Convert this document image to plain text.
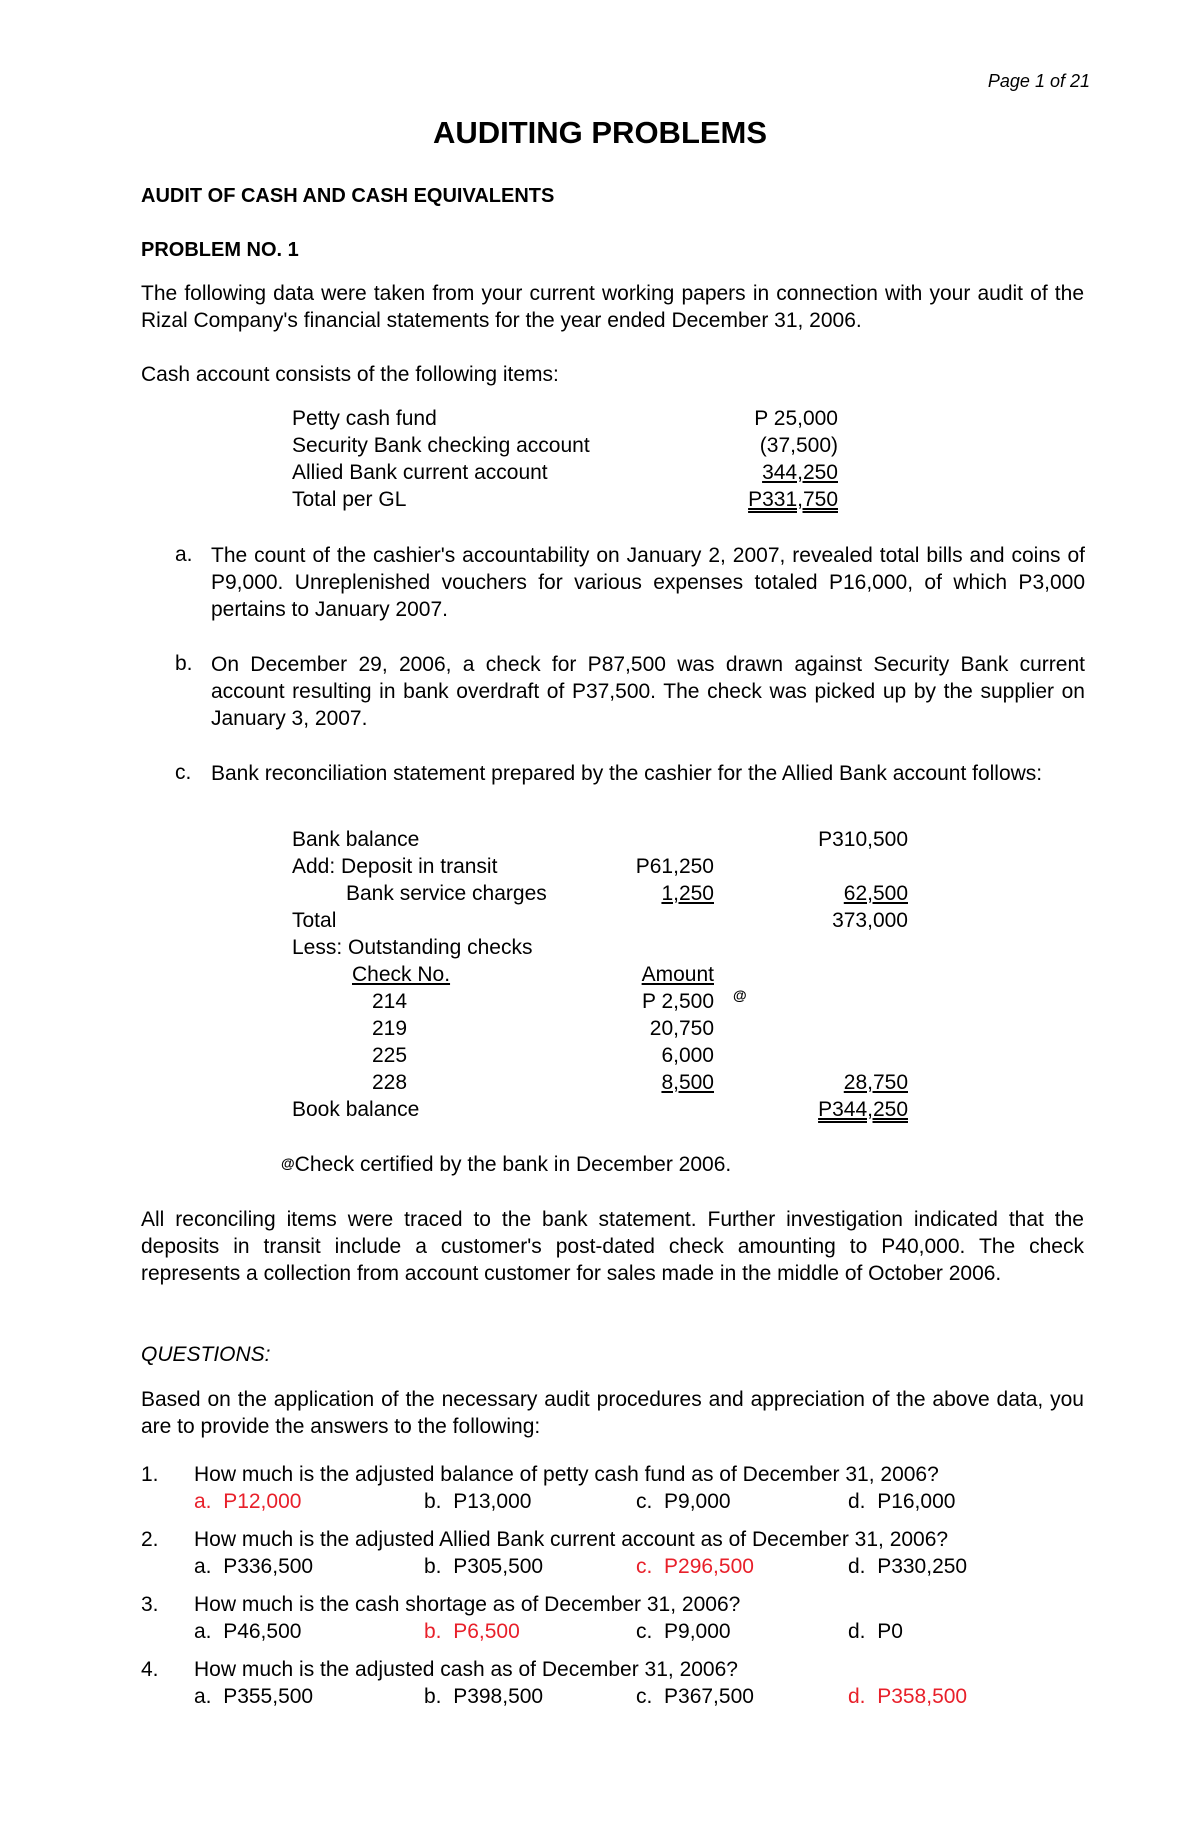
Page 1 of 21
AUDITING PROBLEMS
AUDIT OF CASH AND CASH EQUIVALENTS
PROBLEM NO. 1
The following data were taken from your current working papers in connection with your audit of the Rizal Company's financial statements for the year ended December 31, 2006.
Cash account consists of the following items:
Petty cash fund	P 25,000
Security Bank checking account	(37,500)
Allied Bank current account	344,250
Total per GL	P331,750
a. The count of the cashier's accountability on January 2, 2007, revealed total bills and coins of P9,000. Unreplenished vouchers for various expenses totaled P16,000, of which P3,000 pertains to January 2007.
b. On December 29, 2006, a check for P87,500 was drawn against Security Bank current account resulting in bank overdraft of P37,500. The check was picked up by the supplier on January 3, 2007.
c. Bank reconciliation statement prepared by the cashier for the Allied Bank account follows:
Bank balance	P310,500
Add: Deposit in transit	P61,250
Bank service charges	1,250	62,500
Total	373,000
Less: Outstanding checks
Check No.	Amount
214	P 2,500 @
219	20,750
225	6,000
228	8,500	28,750
Book balance	P344,250
@Check certified by the bank in December 2006.
All reconciling items were traced to the bank statement. Further investigation indicated that the deposits in transit include a customer's post-dated check amounting to P40,000. The check represents a collection from account customer for sales made in the middle of October 2006.
QUESTIONS:
Based on the application of the necessary audit procedures and appreciation of the above data, you are to provide the answers to the following:
1. How much is the adjusted balance of petty cash fund as of December 31, 2006?
a. P12,000	b. P13,000	c. P9,000	d. P16,000
2. How much is the adjusted Allied Bank current account as of December 31, 2006?
a. P336,500	b. P305,500	c. P296,500	d. P330,250
3. How much is the cash shortage as of December 31, 2006?
a. P46,500	b. P6,500	c. P9,000	d. P0
4. How much is the adjusted cash as of December 31, 2006?
a. P355,500	b. P398,500	c. P367,500	d. P358,500
